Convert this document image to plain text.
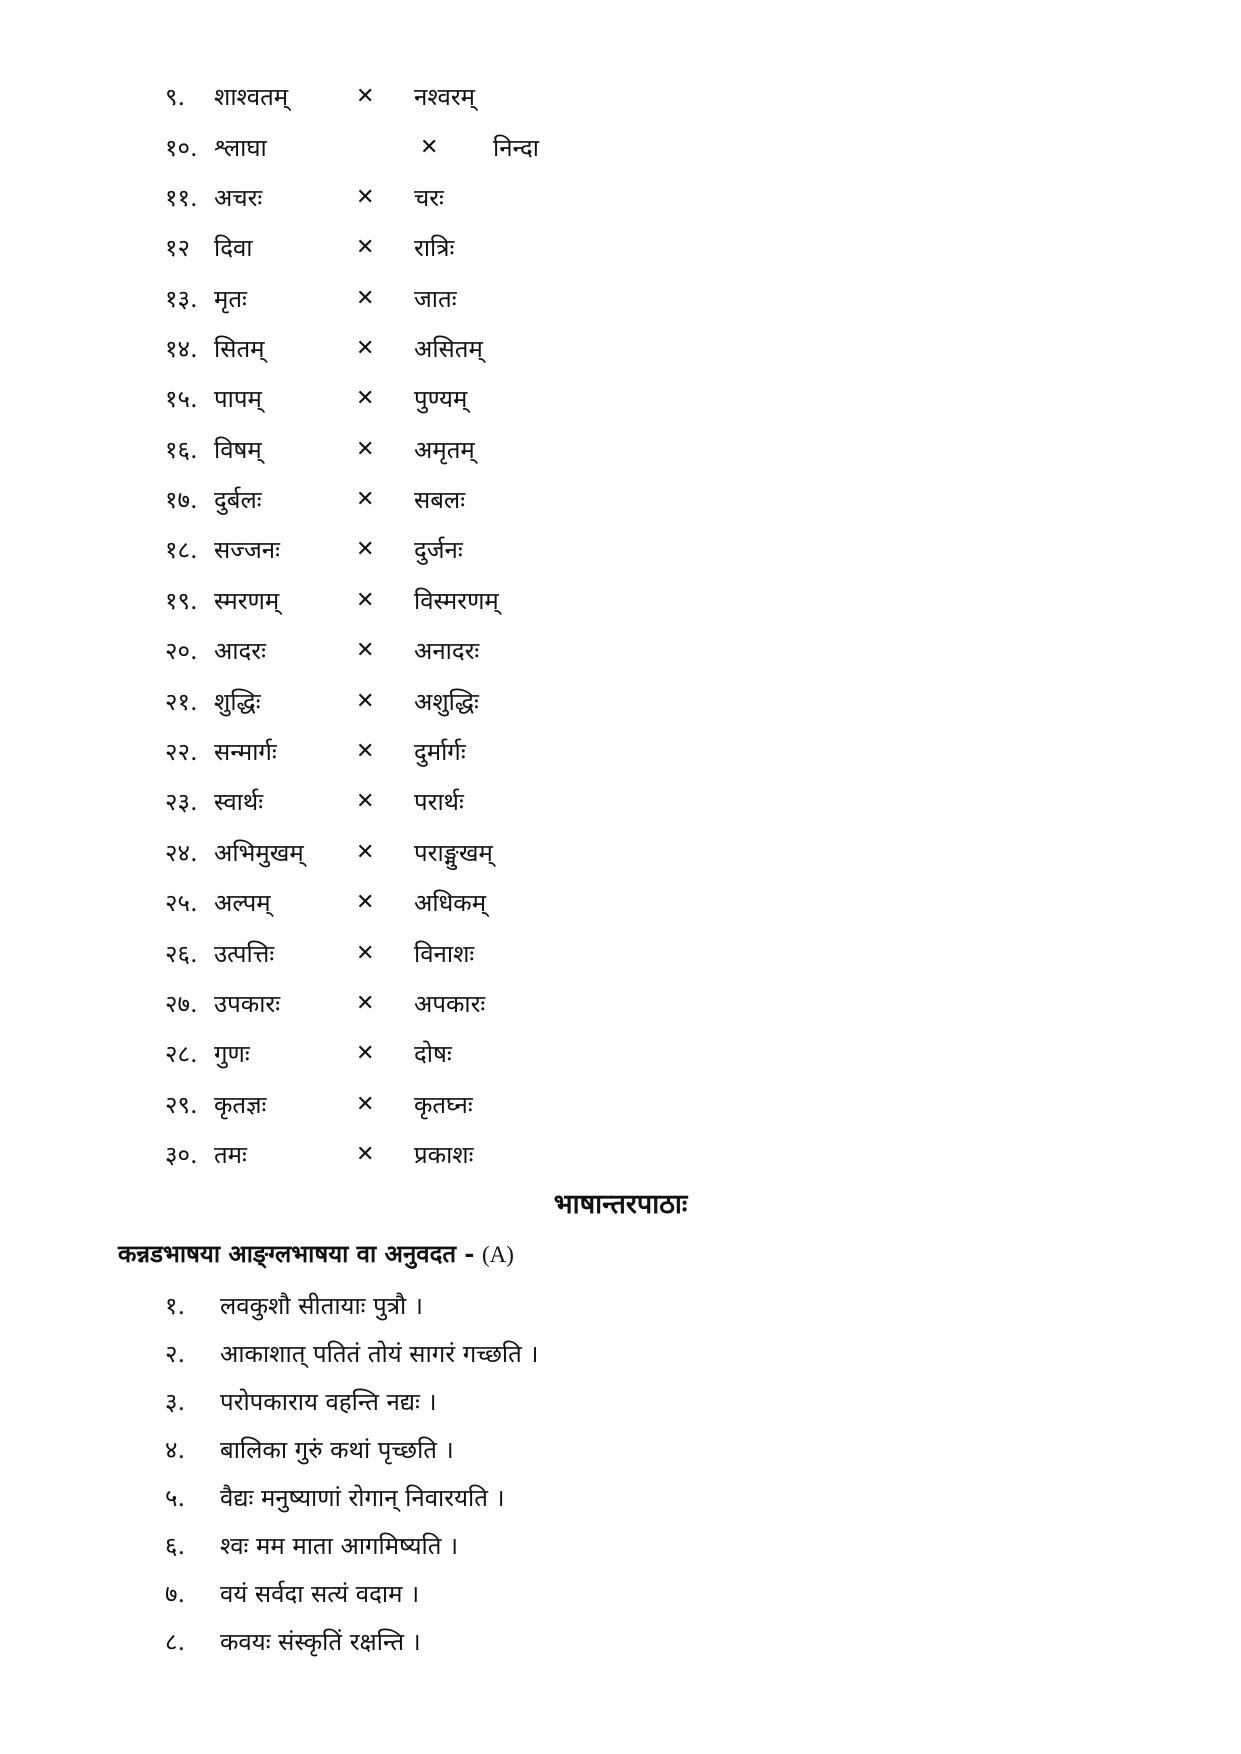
९. शाश्वतम्	✕ नश्वरम्
१०. श्लाघा	✕ निन्दा
११. अचरः	✕ चरः
१२ दिवा	✕ रात्रिः
१३. मृतः	✕ जातः
१४. सितम्	✕ असितम्
१५. पापम्	✕ पुण्यम्
१६. विषम्	✕ अमृतम्
१७. दुर्बलः	✕ सबलः
१८. सज्जनः	✕ दुर्जनः
१९. स्मरणम्	✕ विस्मरणम्
२०. आदरः	✕ अनादरः
२१. शुद्धिः	✕ अशुद्धिः
२२. सन्मार्गः	✕ दुर्मार्गः
२३. स्वार्थः	✕ परार्थः
२४. अभिमुखम् ✕ पराङ्मुखम्
२५. अल्पम्	✕ अधिकम्
२६. उत्पत्तिः	✕ विनाशः
२७. उपकारः	✕ अपकारः
२८. गुणः	✕ दोषः
२९. कृतज्ञः	✕ कृतघ्नः
३०. तमः	✕ प्रकाशः
भाषान्तरपाठाः
कन्नडभाषया आङ्ग्लभाषया वा अनुवदत - (A)
१. लवकुशौ सीतायाः पुत्रौ ।
२. आकाशात् पतितं तोयं सागरं गच्छति ।
३. परोपकाराय वहन्ति नद्यः ।
४. बालिका गुरुं कथां पृच्छति ।
५. वैद्यः मनुष्याणां रोगान् निवारयति ।
६. श्वः मम माता आगमिष्यति ।
७. वयं सर्वदा सत्यं वदाम ।
८. कवयः संस्कृतिं रक्षन्ति ।
